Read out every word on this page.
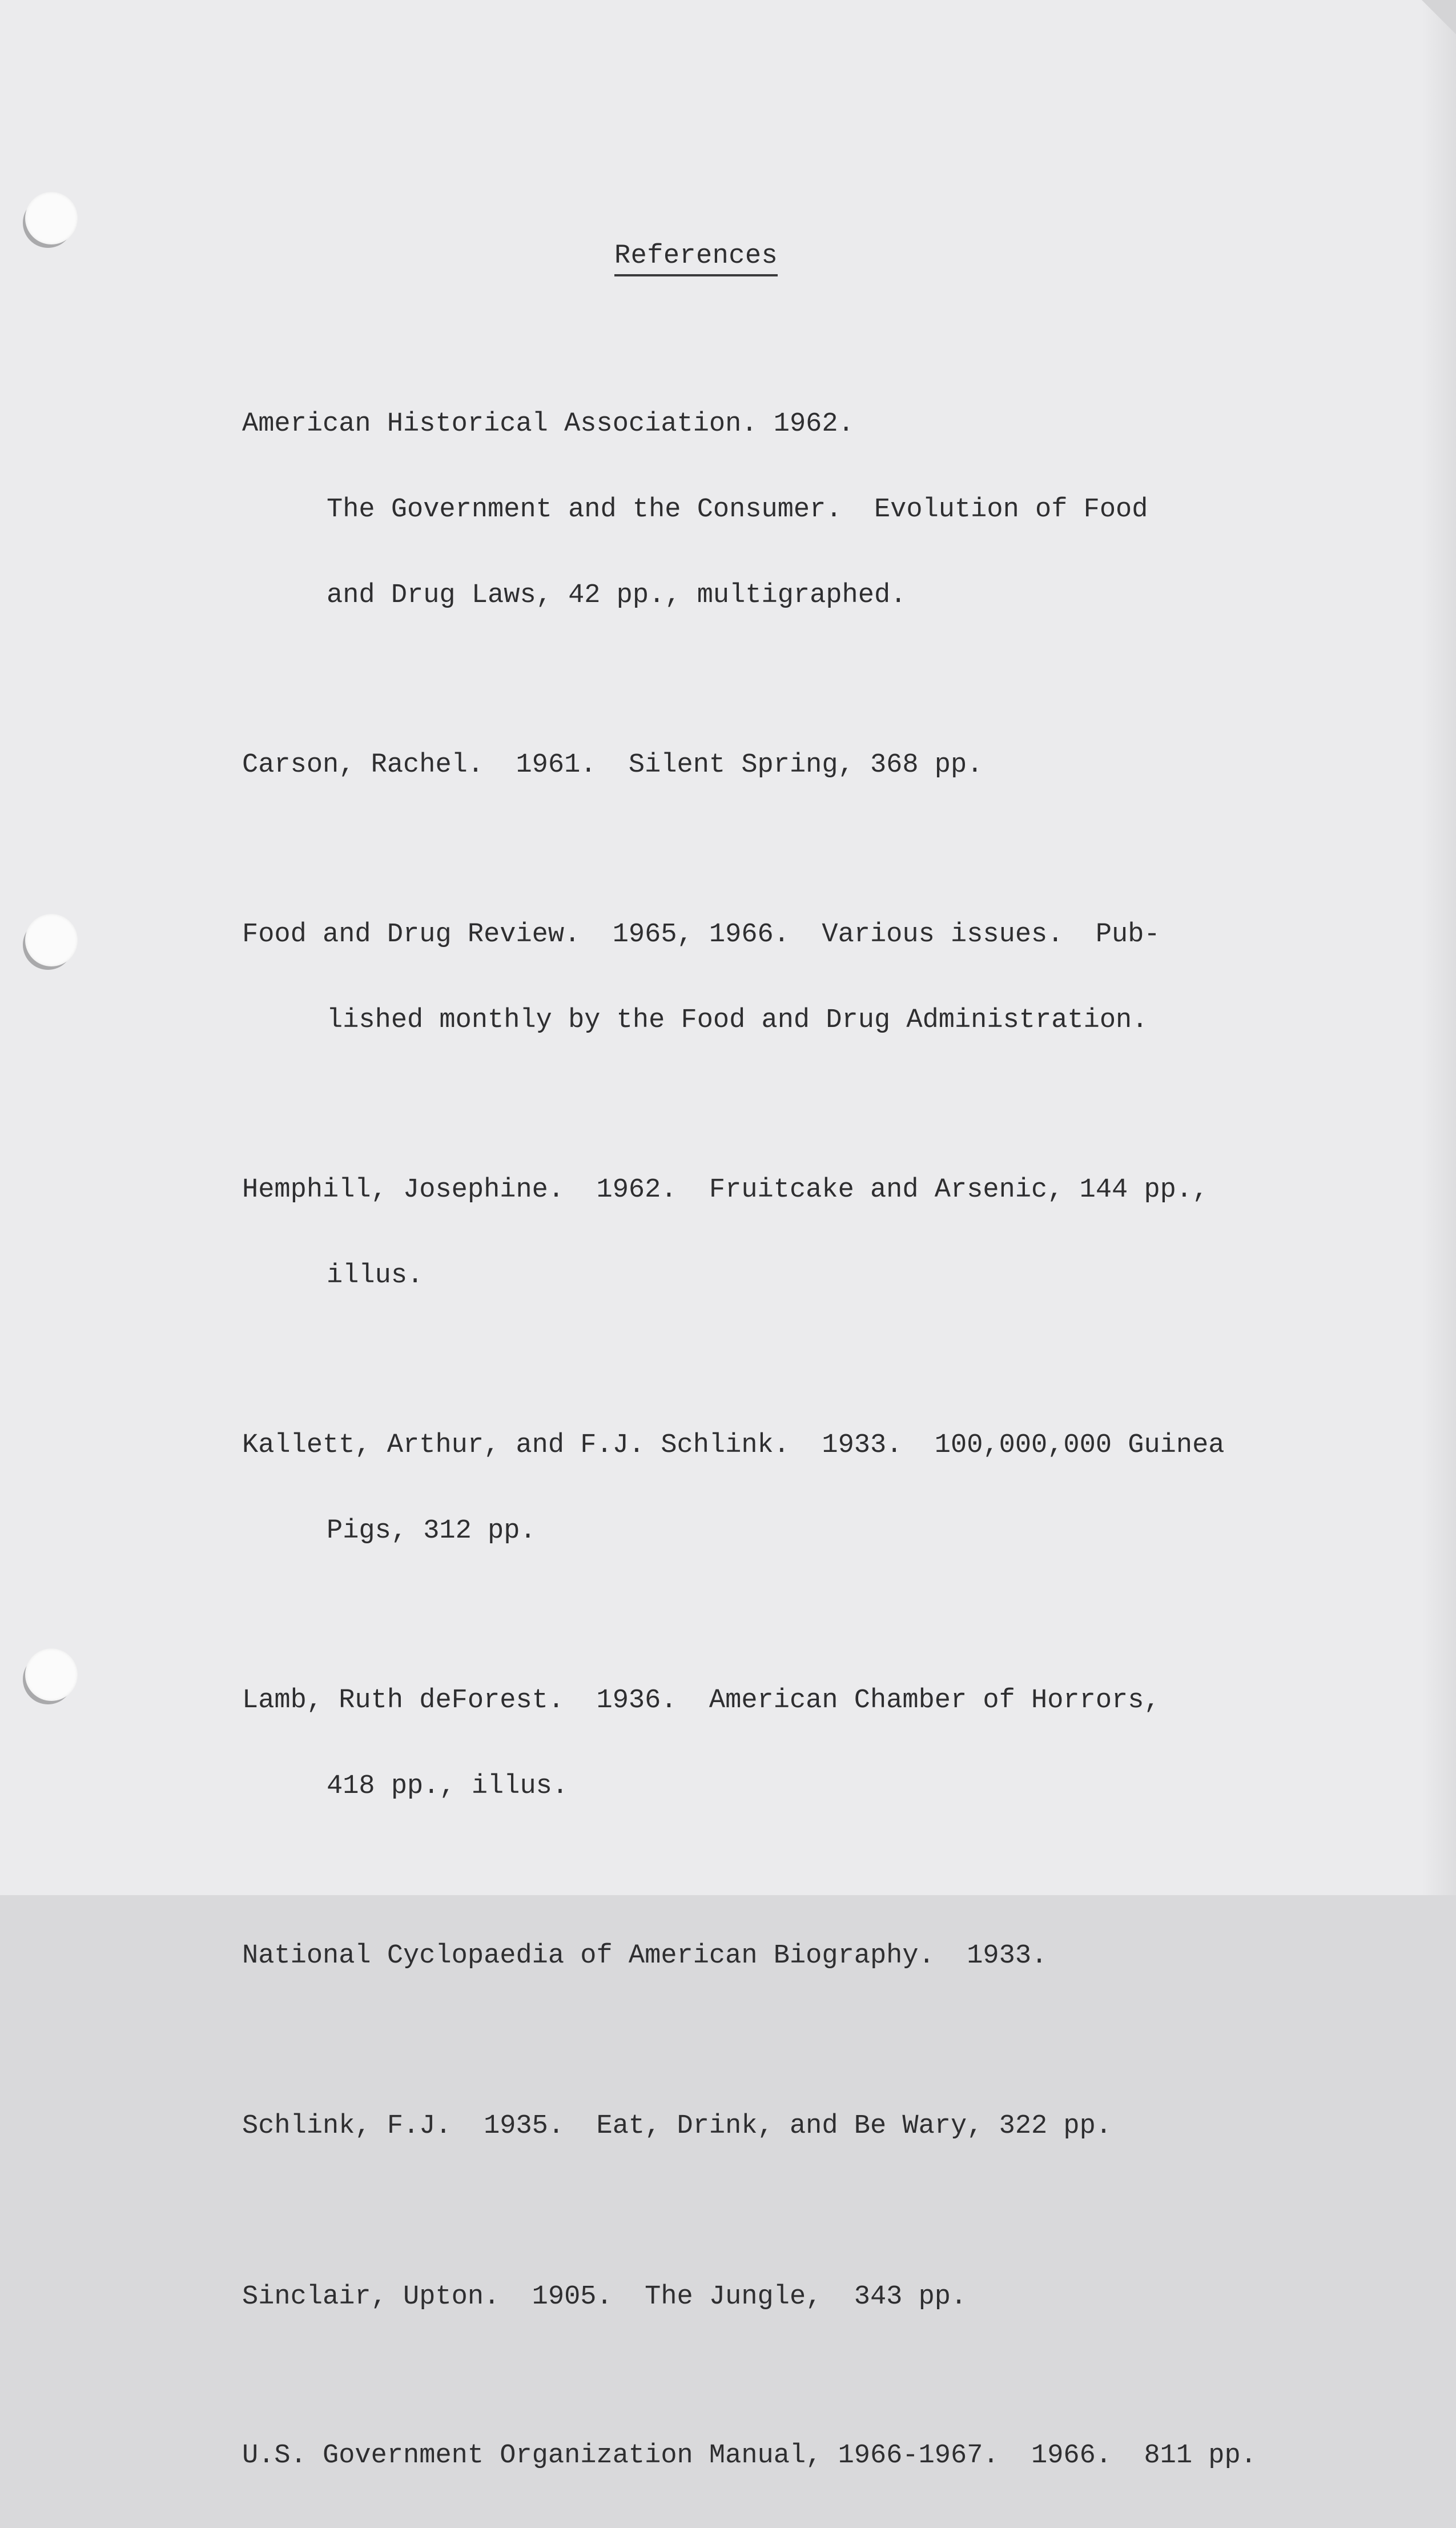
References

American Historical Association. 1962.

The Government and the Consumer.  Evolution of Food

and Drug Laws, 42 pp., multigraphed.

Carson, Rachel.  1961.  Silent Spring, 368 pp.

Food and Drug Review.  1965, 1966.  Various issues.  Pub-

lished monthly by the Food and Drug Administration.

Hemphill, Josephine.  1962.  Fruitcake and Arsenic, 144 pp.,

illus.

Kallett, Arthur, and F.J. Schlink.  1933.  100,000,000 Guinea

Pigs, 312 pp.

Lamb, Ruth deForest.  1936.  American Chamber of Horrors,

418 pp., illus.

National Cyclopaedia of American Biography.  1933.

Schlink, F.J.  1935.  Eat, Drink, and Be Wary, 322 pp.

Sinclair, Upton.  1905.  The Jungle,  343 pp.

U.S. Government Organization Manual, 1966-1967.  1966.  811 pp.
